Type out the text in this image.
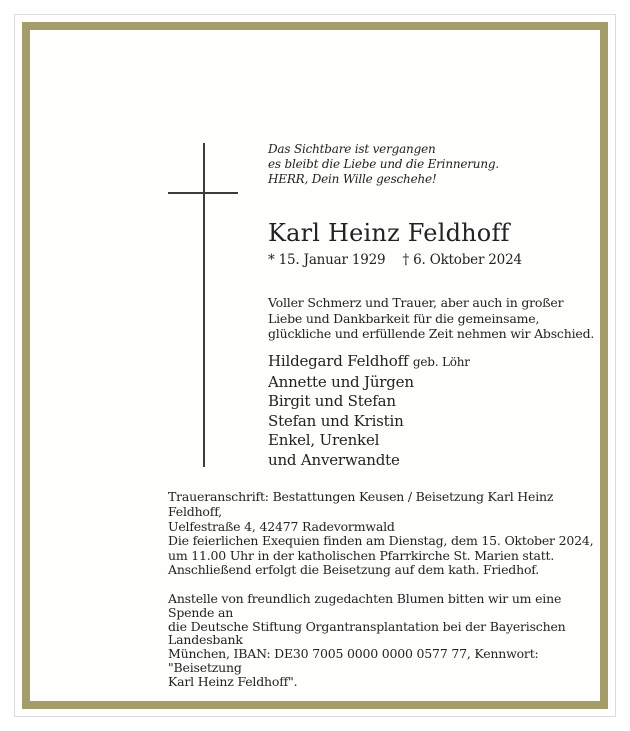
Das Sichtbare ist vergangen
es bleibt die Liebe und die Erinnerung.
HERR, Dein Wille geschehe!
Karl Heinz Feldhoff
* 15. Januar 1929 † 6. Oktober 2024
Voller Schmerz und Trauer, aber auch in großer
Liebe und Dankbarkeit für die gemeinsame,
glückliche und erfüllende Zeit nehmen wir Abschied.
Hildegard Feldhoff geb. Löhr
Annette und Jürgen
Birgit und Stefan
Stefan und Kristin
Enkel, Urenkel
und Anverwandte
Traueranschrift: Bestattungen Keusen / Beisetzung Karl Heinz Feldhoff,
Uelfestraße 4, 42477 Radevormwald
Die feierlichen Exequien finden am Dienstag, dem 15. Oktober 2024,
um 11.00 Uhr in der katholischen Pfarrkirche St. Marien statt.
Anschließend erfolgt die Beisetzung auf dem kath. Friedhof.
Anstelle von freundlich zugedachten Blumen bitten wir um eine Spende an
die Deutsche Stiftung Organtransplantation bei der Bayerischen Landesbank
München, IBAN: DE30 7005 0000 0000 0577 77, Kennwort: "Beisetzung
Karl Heinz Feldhoff".
